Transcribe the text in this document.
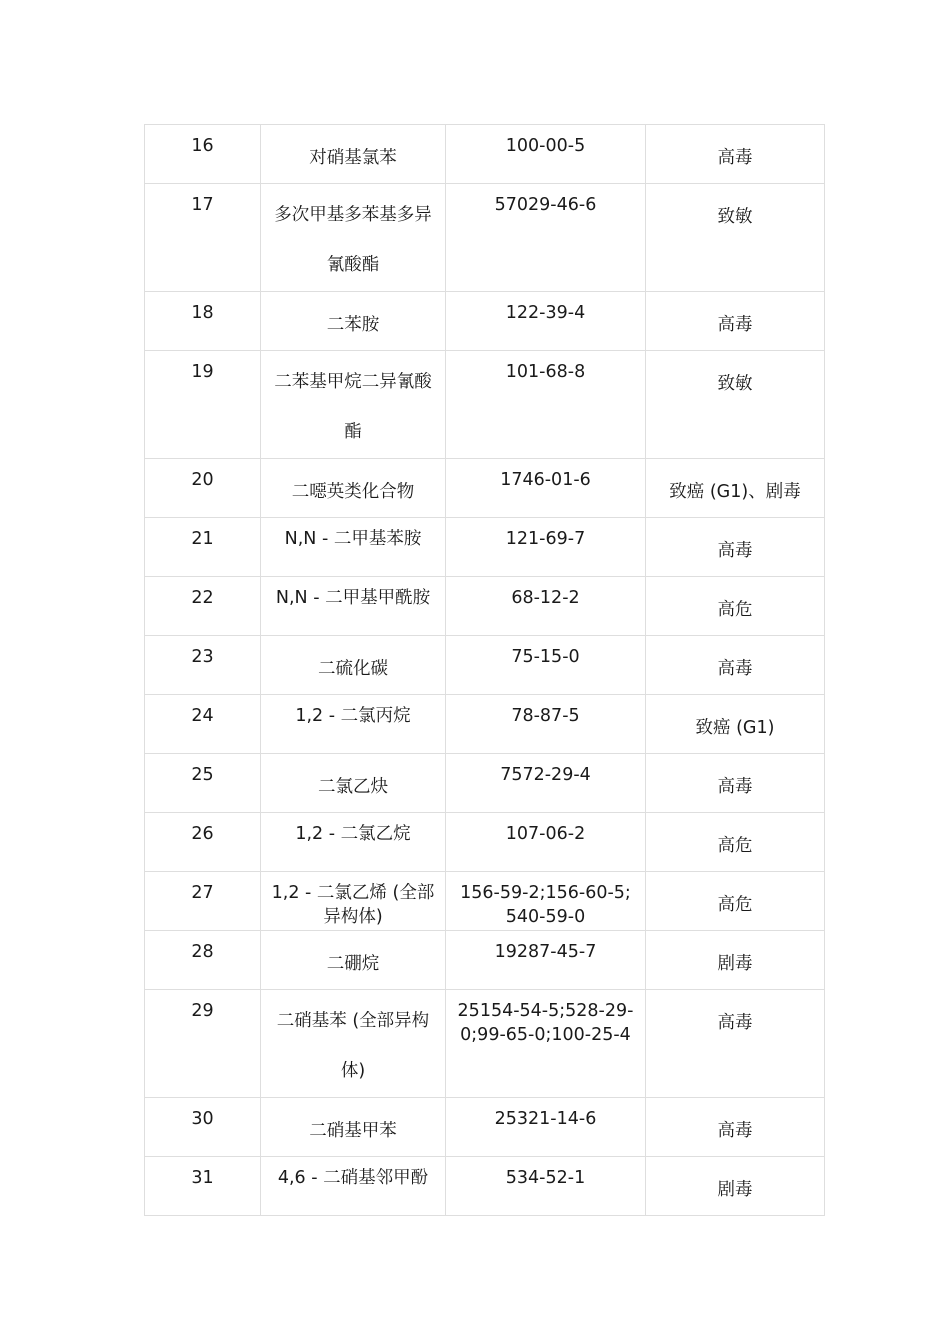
16	对硝基氯苯	100-00-5	高毒

17	多次甲基多苯基多异氰酸酯	57029-46-6	致敏

18	二苯胺	122-39-4	高毒

19	二苯基甲烷二异氰酸酯	101-68-8	致敏

20	二噁英类化合物	1746-01-6	致癌 (G1)、剧毒

21	N,N - 二甲基苯胺	121-69-7	高毒

22	N,N - 二甲基甲酰胺	68-12-2	高危

23	二硫化碳	75-15-0	高毒

24	1,2 - 二氯丙烷	78-87-5	致癌 (G1)

25	二氯乙炔	7572-29-4	高毒

26	1,2 - 二氯乙烷	107-06-2	高危

27	1,2 - 二氯乙烯 (全部异构体)	156-59-2;156-60-5;540-59-0	高危

28	二硼烷	19287-45-7	剧毒

29	二硝基苯 (全部异构体)	25154-54-5;528-29-0;99-65-0;100-25-4	高毒

30	二硝基甲苯	25321-14-6	高毒

31	4,6 - 二硝基邻甲酚	534-52-1	剧毒
